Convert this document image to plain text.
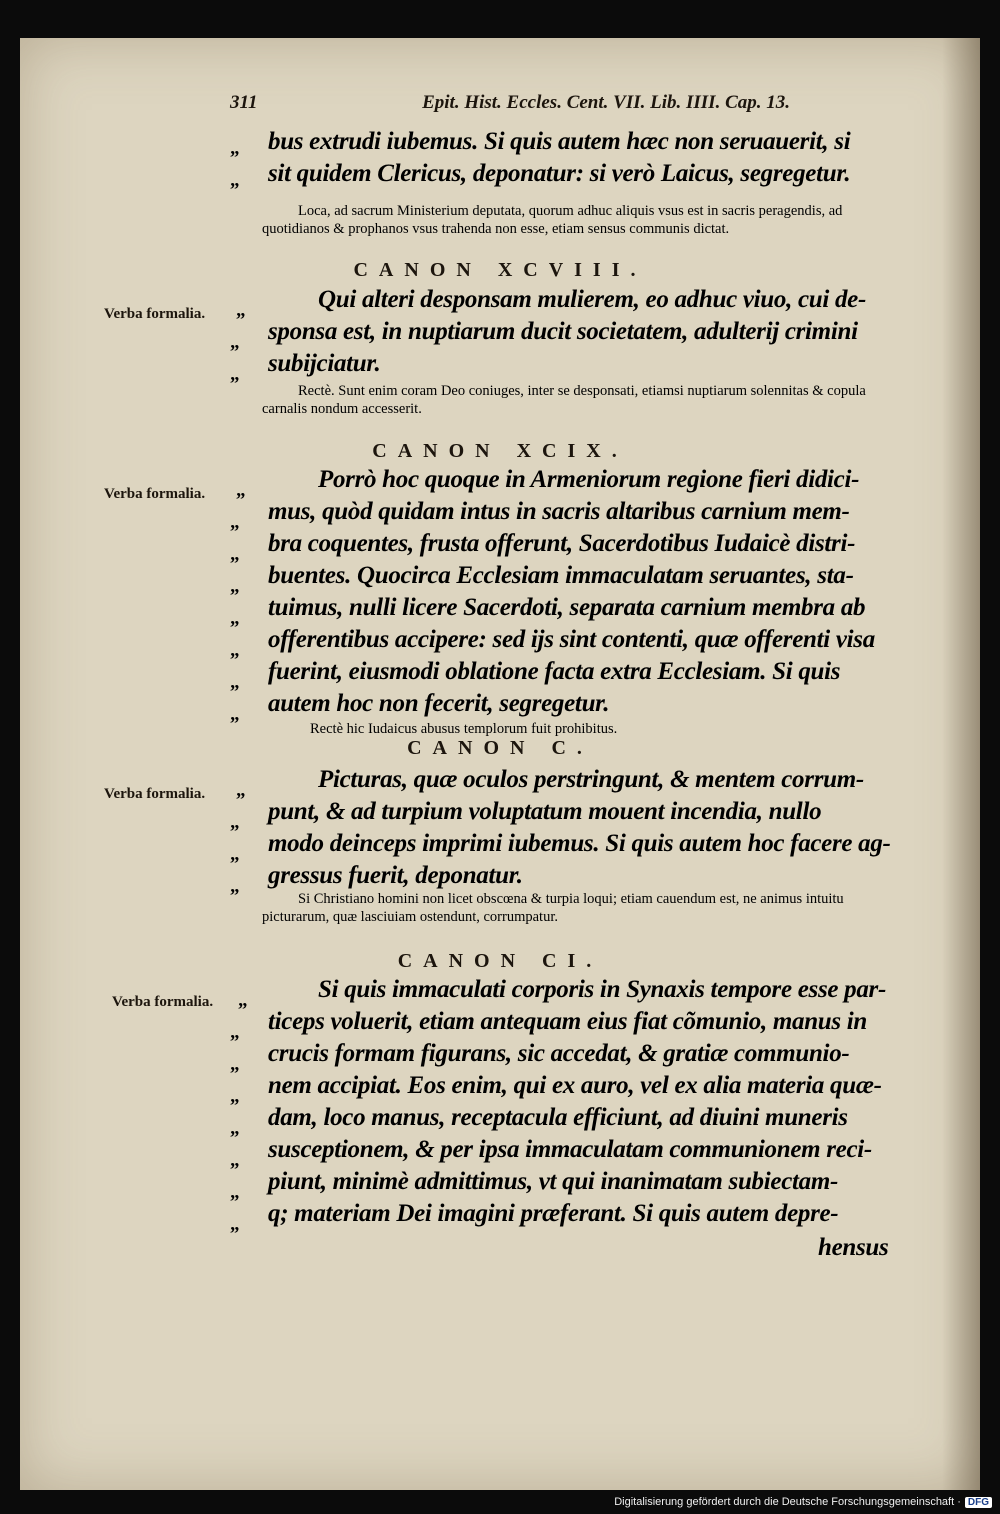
311	Epit. Hist. Eccles. Cent. VII. Lib. IIII. Cap. 13.
„ bus extrudi iubemus. Si quis autem hæc non seruauerit, si
„ sit quidem Clericus, deponatur: si verò Laicus, segregetur.
Loca, ad sacrum Ministerium deputata, quorum adhuc aliquis vsus est in sacris peragendis, ad quotidianos & prophanos vsus trahenda non esse, etiam sensus communis dictat.
CANON XCVIII.
Verba formalia. „	Qui alteri desponsam mulierem, eo adhuc viuo, cui de-
„ sponsa est, in nuptiarum ducit societatem, adulterij crimini
„ subijciatur.
Rectè. Sunt enim coram Deo coniuges, inter se desponsati, etiamsi nuptiarum solennitas & copula carnalis nondum accesserit.
CANON XCIX.
Verba formalia. „	Porrò hoc quoque in Armeniorum regione fieri didici-
„ mus, quòd quidam intus in sacris altaribus carnium mem-
„ bra coquentes, frusta offerunt, Sacerdotibus Iudaicè distri-
„ buentes. Quocirca Ecclesiam immaculatam seruantes, sta-
„ tuimus, nulli licere Sacerdoti, separata carnium membra ab
„ offerentibus accipere: sed ijs sint contenti, quæ offerenti visa
„ fuerint, eiusmodi oblatione facta extra Ecclesiam. Si quis
„ autem hoc non fecerit, segregetur.
Rectè hic Iudaicus abusus templorum fuit prohibitus.
CANON C.
Verba formalia. „	Picturas, quæ oculos perstringunt, & mentem corrum-
„ punt, & ad turpium voluptatum mouent incendia, nullo
„ modo deinceps imprimi iubemus. Si quis autem hoc facere ag-
„ gressus fuerit, deponatur.
Si Christiano homini non licet obscœna & turpia loqui; etiam cauendum est, ne animus intuitu picturarum, quæ lasciuiam ostendunt, corrumpatur.
CANON CI.
Verba formalia. „	Si quis immaculati corporis in Synaxis tempore esse par-
„ ticeps voluerit, etiam antequam eius fiat cõmunio, manus in
„ crucis formam figurans, sic accedat, & gratiæ communio-
„ nem accipiat. Eos enim, qui ex auro, vel ex alia materia quæ-
„ dam, loco manus, receptacula efficiunt, ad diuini muneris
„ susceptionem, & per ipsa immaculatam communionem reci-
„ piunt, minimè admittimus, vt qui inanimatam subiectam-
„ q; materiam Dei imagini præferant. Si quis autem depre-
hensus
Digitalisierung gefördert durch die Deutsche Forschungsgemeinschaft · DFG
